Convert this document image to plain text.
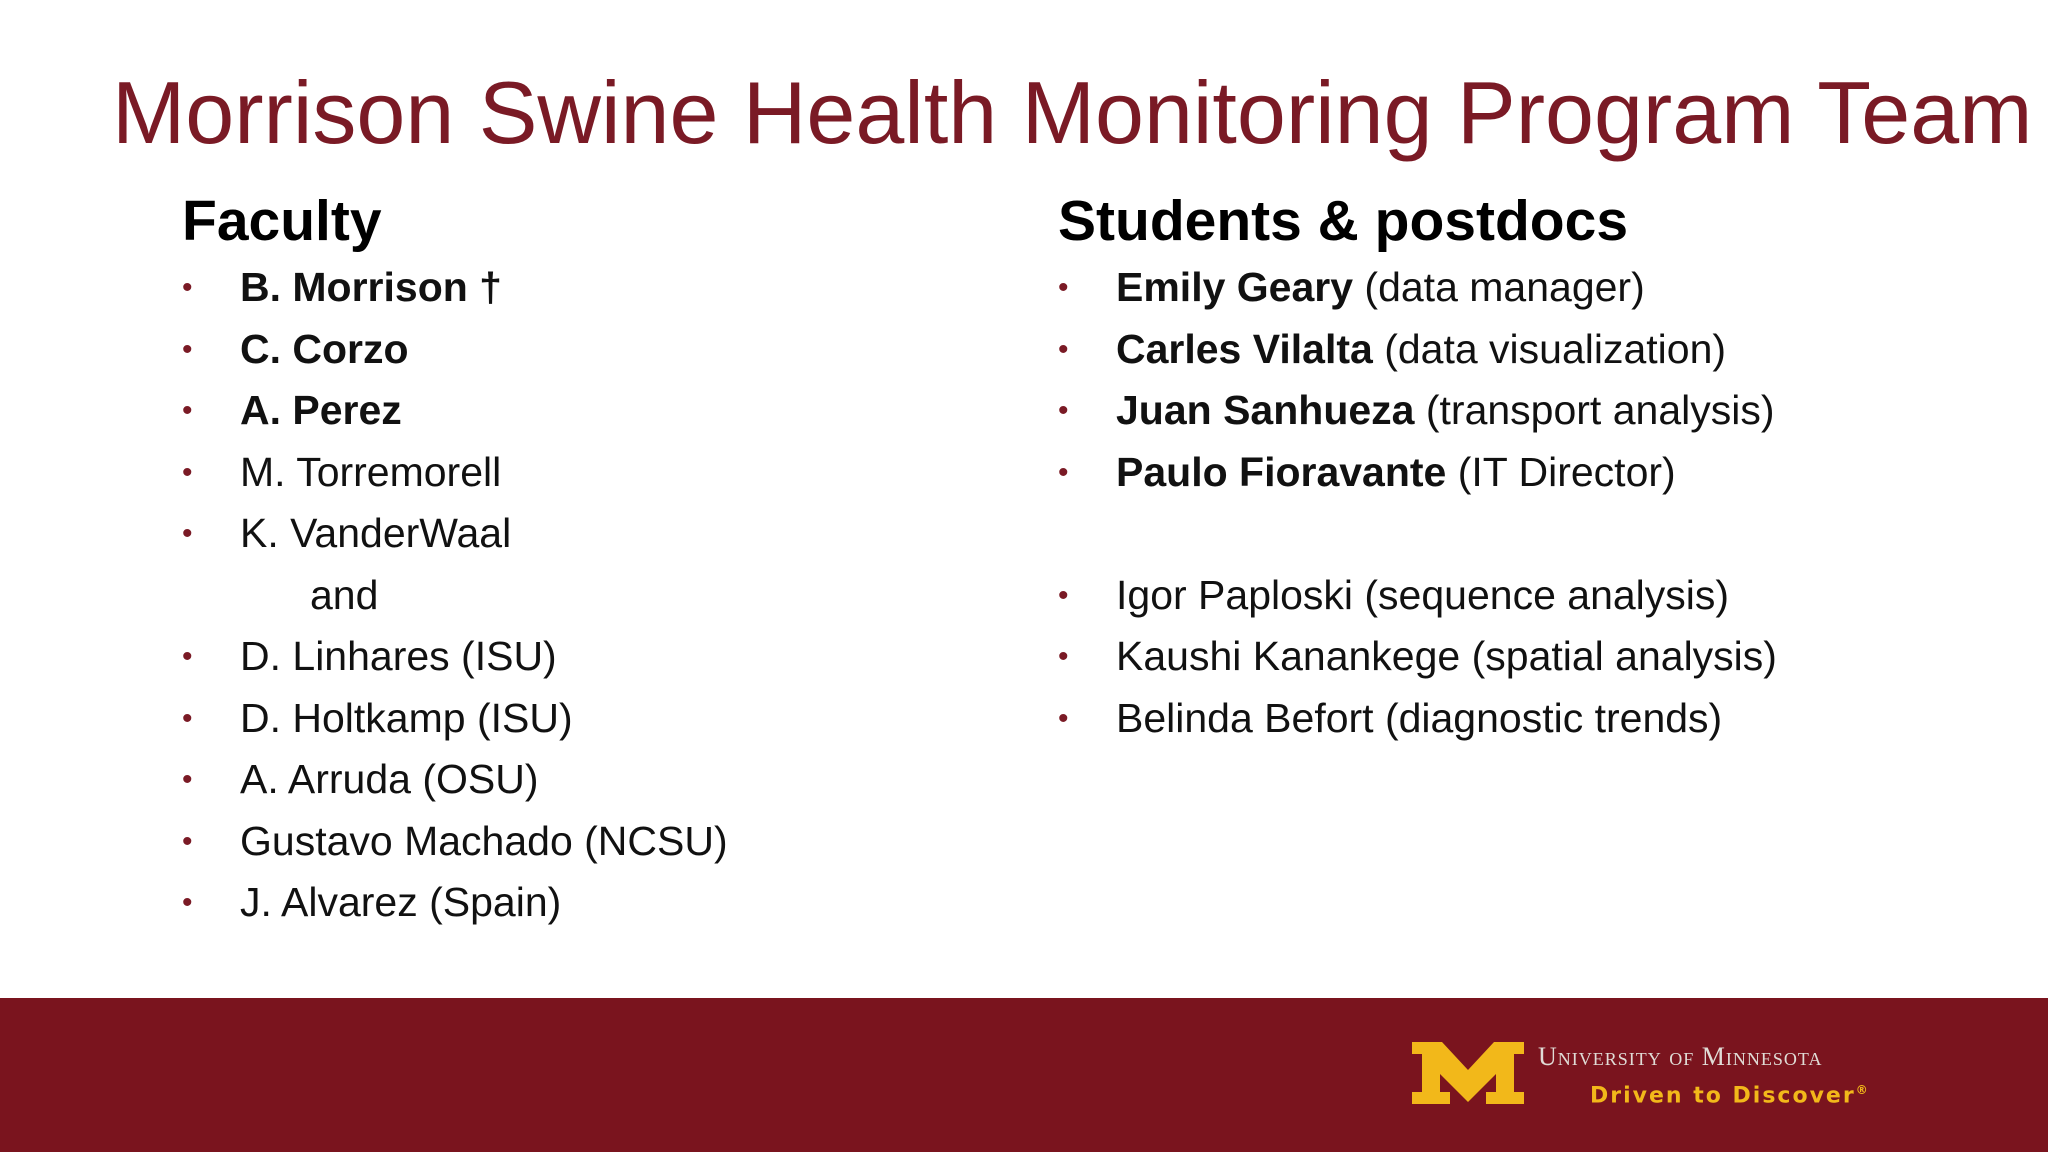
Morrison Swine Health Monitoring Program Team
Faculty
•	B. Morrison †
•	C. Corzo
•	A. Perez
•	M. Torremorell
•	K. VanderWaal
and
•	D. Linhares (ISU)
•	D. Holtkamp (ISU)
•	A. Arruda (OSU)
•	Gustavo Machado (NCSU)
•	J. Alvarez (Spain)
Students & postdocs
•	Emily Geary (data manager)
•	Carles Vilalta (data visualization)
•	Juan Sanhueza (transport analysis)
•	Paulo Fioravante (IT Director)
•	Igor Paploski (sequence analysis)
•	Kaushi Kanankege (spatial analysis)
•	Belinda Befort (diagnostic trends)
University of Minnesota
Driven to Discover®
